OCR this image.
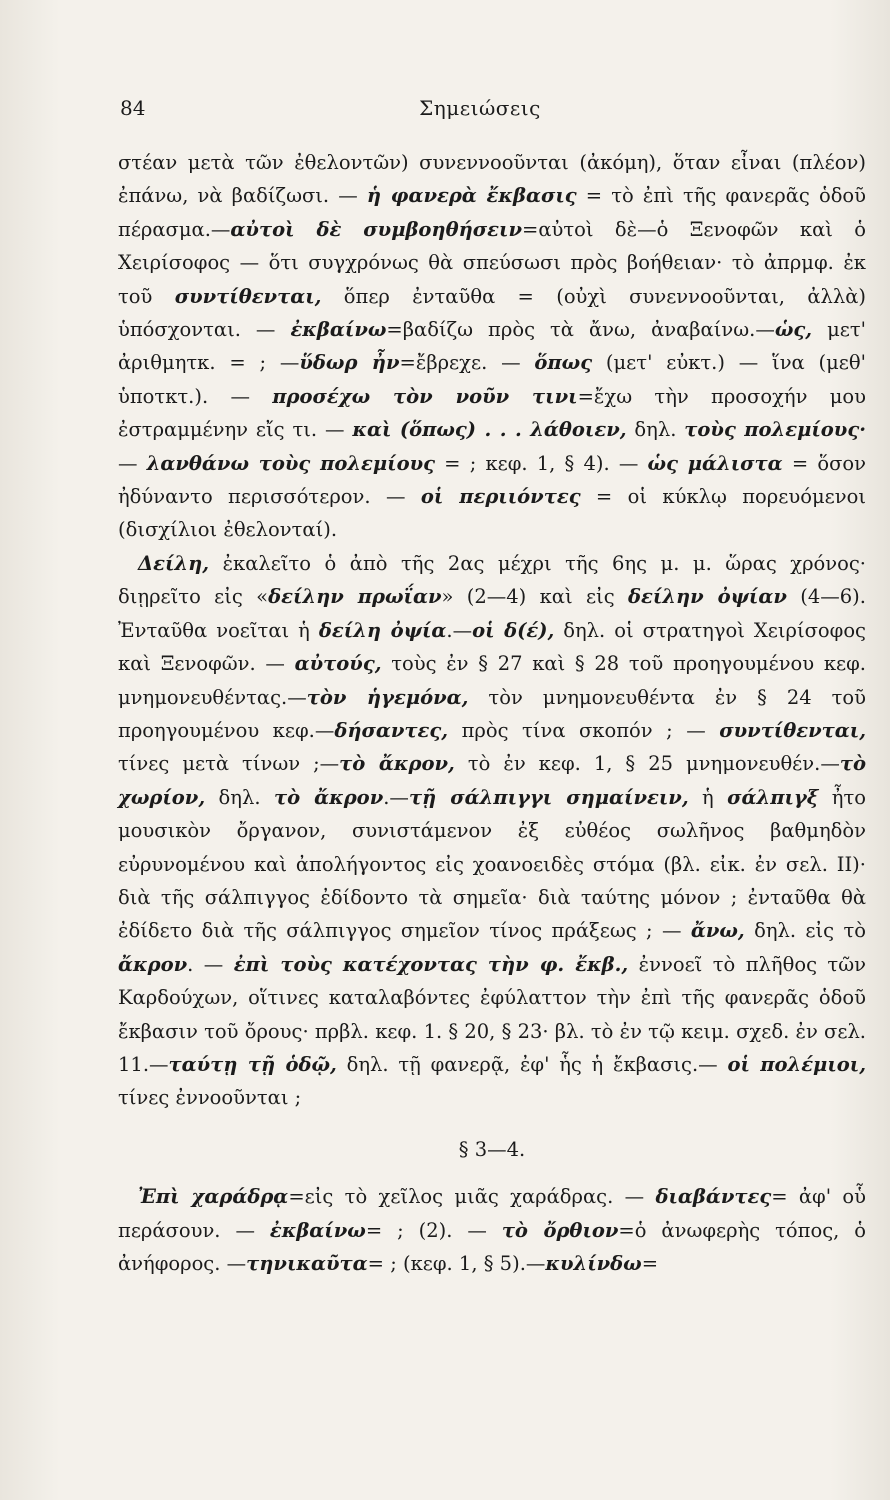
84	Σημειώσεις

στέαν μετὰ τῶν ἐθελοντῶν) συνεννοοῦνται (ἀκόμη), ὅταν εἶναι (πλέον) ἐπάνω, νὰ βαδίζωσι. — ἡ φανερὰ ἔκβασις = τὸ ἐπὶ τῆς φανερᾶς ὁδοῦ πέρασμα.—αὐτοὶ δὲ συμβοηθήσειν=αὐτοὶ δὲ—ὁ Ξενοφῶν καὶ ὁ Χειρίσοφος — ὅτι συγχρόνως θὰ σπεύσωσι πρὸς βοήθειαν· τὸ ἀπρμφ. ἐκ τοῦ συντίθενται, ὅπερ ἐνταῦθα = (οὐχὶ συνεννοοῦνται, ἀλλὰ) ὑπόσχονται. — ἐκβαίνω=βαδίζω πρὸς τὰ ἄνω, ἀναβαίνω.—ὡς, μετ' ἀριθμητκ. = ; —ὕδωρ ἦν=ἔβρεχε. — ὅπως (μετ' εὐκτ.) — ἵνα (μεθ' ὑποτκτ.). — προσέχω τὸν νοῦν τινι=ἔχω τὴν προσοχήν μου ἐστραμμένην εἴς τι. — καὶ (ὅπως) . . . λάθοιεν, δηλ. τοὺς πολεμίους· — λανθάνω τοὺς πολεμίους = ; κεφ. 1, § 4). — ὡς μάλιστα = ὅσον ἠδύναντο περισσότερον. — οἱ περιιόντες = οἱ κύκλῳ πορευόμενοι (δισχίλιοι ἐθελονταί).

Δείλη, ἐκαλεῖτο ὁ ἀπὸ τῆς 2ας μέχρι τῆς 6ης μ. μ. ὥρας χρόνος· διῃρεῖτο εἰς «δείλην πρωΐαν» (2—4) καὶ εἰς δείλην ὀψίαν (4—6). Ἐνταῦθα νοεῖται ἡ δείλη ὀψία.—οἱ δ(έ), δηλ. οἱ στρατηγοὶ Χειρίσοφος καὶ Ξενοφῶν. — αὐτούς, τοὺς ἐν § 27 καὶ § 28 τοῦ προηγουμένου κεφ. μνημονευθέντας.—τὸν ἡγεμόνα, τὸν μνημονευθέντα ἐν § 24 τοῦ προηγουμένου κεφ.—δήσαντες, πρὸς τίνα σκοπόν ; — συντίθενται, τίνες μετὰ τίνων ;—τὸ ἄκρον, τὸ ἐν κεφ. 1, § 25 μνημονευθέν.—τὸ χωρίον, δηλ. τὸ ἄκρον.—τῇ σάλπιγγι σημαίνειν, ἡ σάλπιγξ ἦτο μουσικὸν ὄργανον, συνιστάμενον ἐξ εὐθέος σωλῆνος βαθμηδὸν εὐρυνομένου καὶ ἀπολήγοντος εἰς χοανοειδὲς στόμα (βλ. εἰκ. ἐν σελ. II)· διὰ τῆς σάλπιγγος ἐδίδοντο τὰ σημεῖα· διὰ ταύτης μόνον ; ἐνταῦθα θὰ ἐδίδετο διὰ τῆς σάλπιγγος σημεῖον τίνος πράξεως ; — ἄνω, δηλ. εἰς τὸ ἄκρον. — ἐπὶ τοὺς κατέχοντας τὴν φ. ἔκβ., ἐννοεῖ τὸ πλῆθος τῶν Καρδούχων, οἵτινες καταλαβόντες ἐφύλαττον τὴν ἐπὶ τῆς φανερᾶς ὁδοῦ ἔκβασιν τοῦ ὄρους· πρβλ. κεφ. 1. § 20, § 23· βλ. τὸ ἐν τῷ κειμ. σχεδ. ἐν σελ. 11.—ταύτῃ τῇ ὁδῷ, δηλ. τῇ φανερᾷ, ἐφ' ἧς ἡ ἔκβασις.— οἱ πολέμιοι, τίνες ἐννοοῦνται ;

§ 3—4.

Ἐπὶ χαράδρᾳ=εἰς τὸ χεῖλος μιᾶς χαράδρας. — διαβάντες= ἀφ' οὗ περάσουν. — ἐκβαίνω= ; (2). — τὸ ὄρθιον=ὁ ἀνωφερὴς τόπος, ὁ ἀνήφορος. —τηνικαῦτα= ; (κεφ. 1, § 5).—κυλίνδω=
